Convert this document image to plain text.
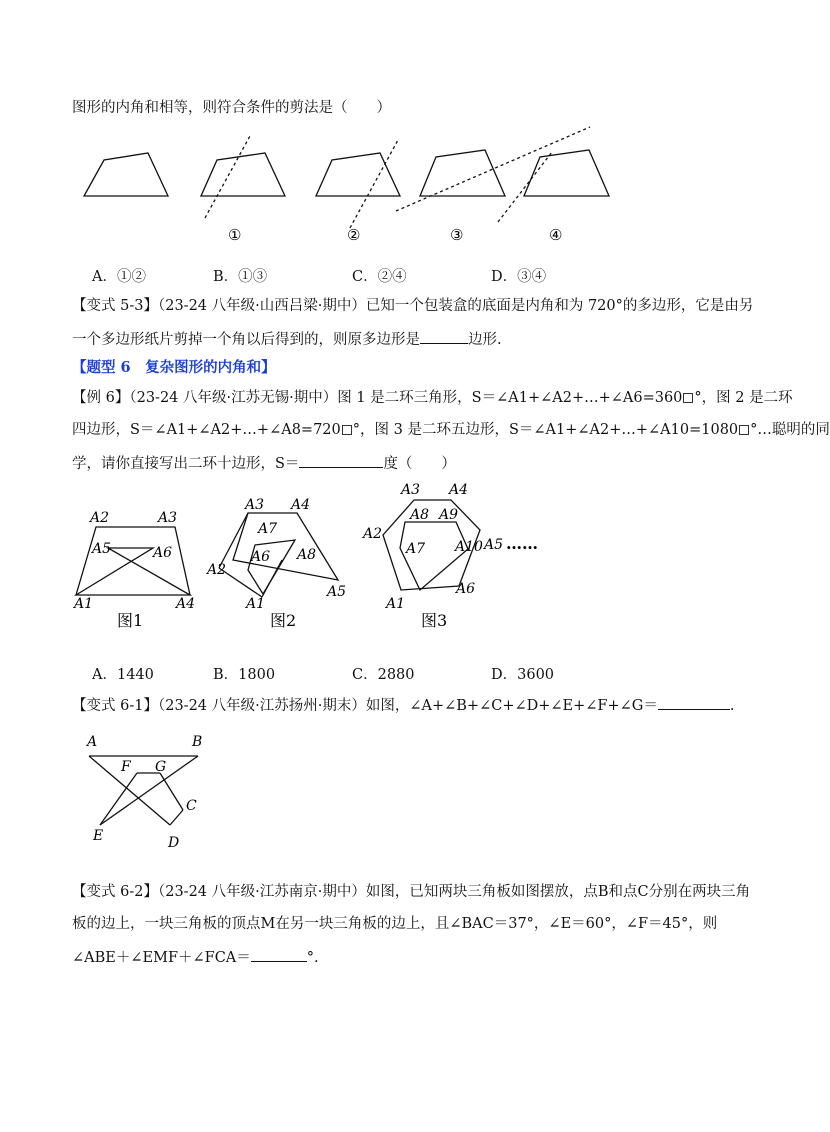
图形的内角和相等，则符合条件的剪法是（　　）
①	②	③	④
A．①②	B．①③	C．②④	D．③④
【变式 5-3】（23-24 八年级·山西吕梁·期中）已知一个包装盒的底面是内角和为 720°的多边形，它是由另
一个多边形纸片剪掉一个角以后得到的，则原多边形是	边形.
【题型 6　复杂图形的内角和】
【例 6】（23-24 八年级·江苏无锡·期中）图 1 是二环三角形，S＝∠A1+∠A2+…+∠A6=360 °，图 2 是二环
四边形，S＝∠A1+∠A2+…+∠A8=720 °，图 3 是二环五边形，S＝∠A1+∠A2+…+∠A10=1080 °…聪明的同
学，请你直接写出二环十边形，S＝	度（　　）
A2	A3
A5	A6
A1	A4
图1
A3 A4
A7
A6 A8
A2
A1
A5
图2
A3 A4
A8 A9
A2
A7 A10 A5
A6
A1
……
图3
A．1440	B．1800	C．2880	D．3600
【变式 6-1】（23-24 八年级·江苏扬州·期末）如图，∠A+∠B+∠C+∠D+∠E+∠F+∠G＝	.
A	B
F G
C
E	D
【变式 6-2】（23-24 八年级·江苏南京·期中）如图，已知两块三角板如图摆放，点B和点C分别在两块三角
板的边上，一块三角板的顶点M在另一块三角板的边上，且∠BAC＝37°，∠E＝60°，∠F＝45°，则
∠ABE＋∠EMF＋∠FCA＝	°.
